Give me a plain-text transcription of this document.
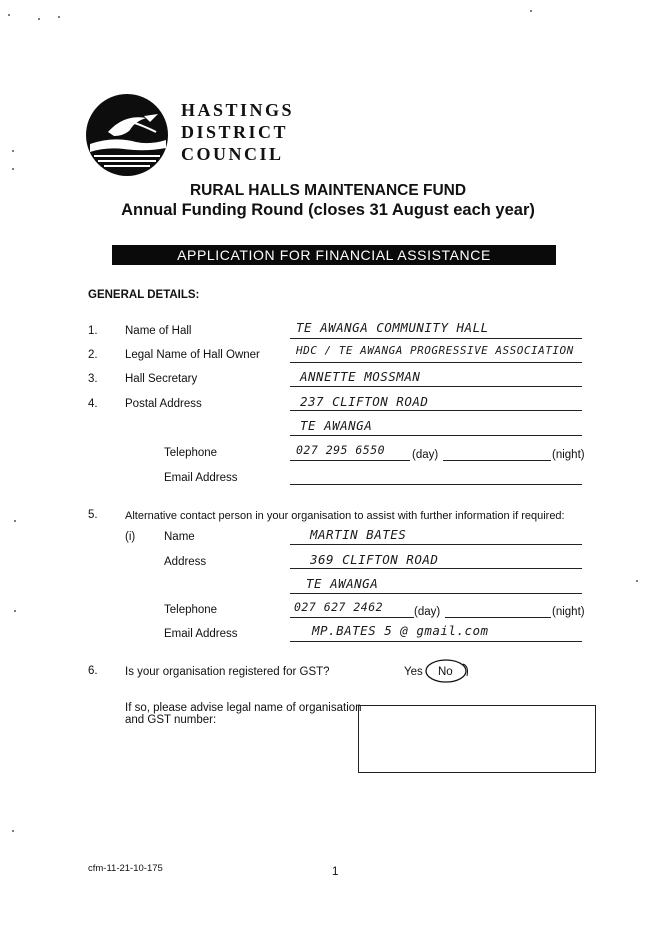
HASTINGS
DISTRICT
COUNCIL
RURAL HALLS MAINTENANCE FUND
Annual Funding Round (closes 31 August each year)
APPLICATION FOR FINANCIAL ASSISTANCE
GENERAL DETAILS:
1. Name of Hall	TE AWANGA COMMUNITY HALL
2. Legal Name of Hall Owner	HDC / TE AWANGA PROGRESSIVE ASSOCIATION
3. Hall Secretary	ANNETTE MOSSMAN
4. Postal Address	237 CLIFTON ROAD
TE AWANGA
Telephone	027 295 6550 (day)	(night)
Email Address
5. Alternative contact person in your organisation to assist with further information if required:
(i)	Name	MARTIN BATES
Address	369 CLIFTON ROAD
TE AWANGA
Telephone	027 627 2462	(day)	(night)
Email Address	MP.BATES 5 @ gmail.com
6. Is your organisation registered for GST?	Yes No
If so, please advise legal name of organisation
and GST number:
cfm-11-21-10-175	1
